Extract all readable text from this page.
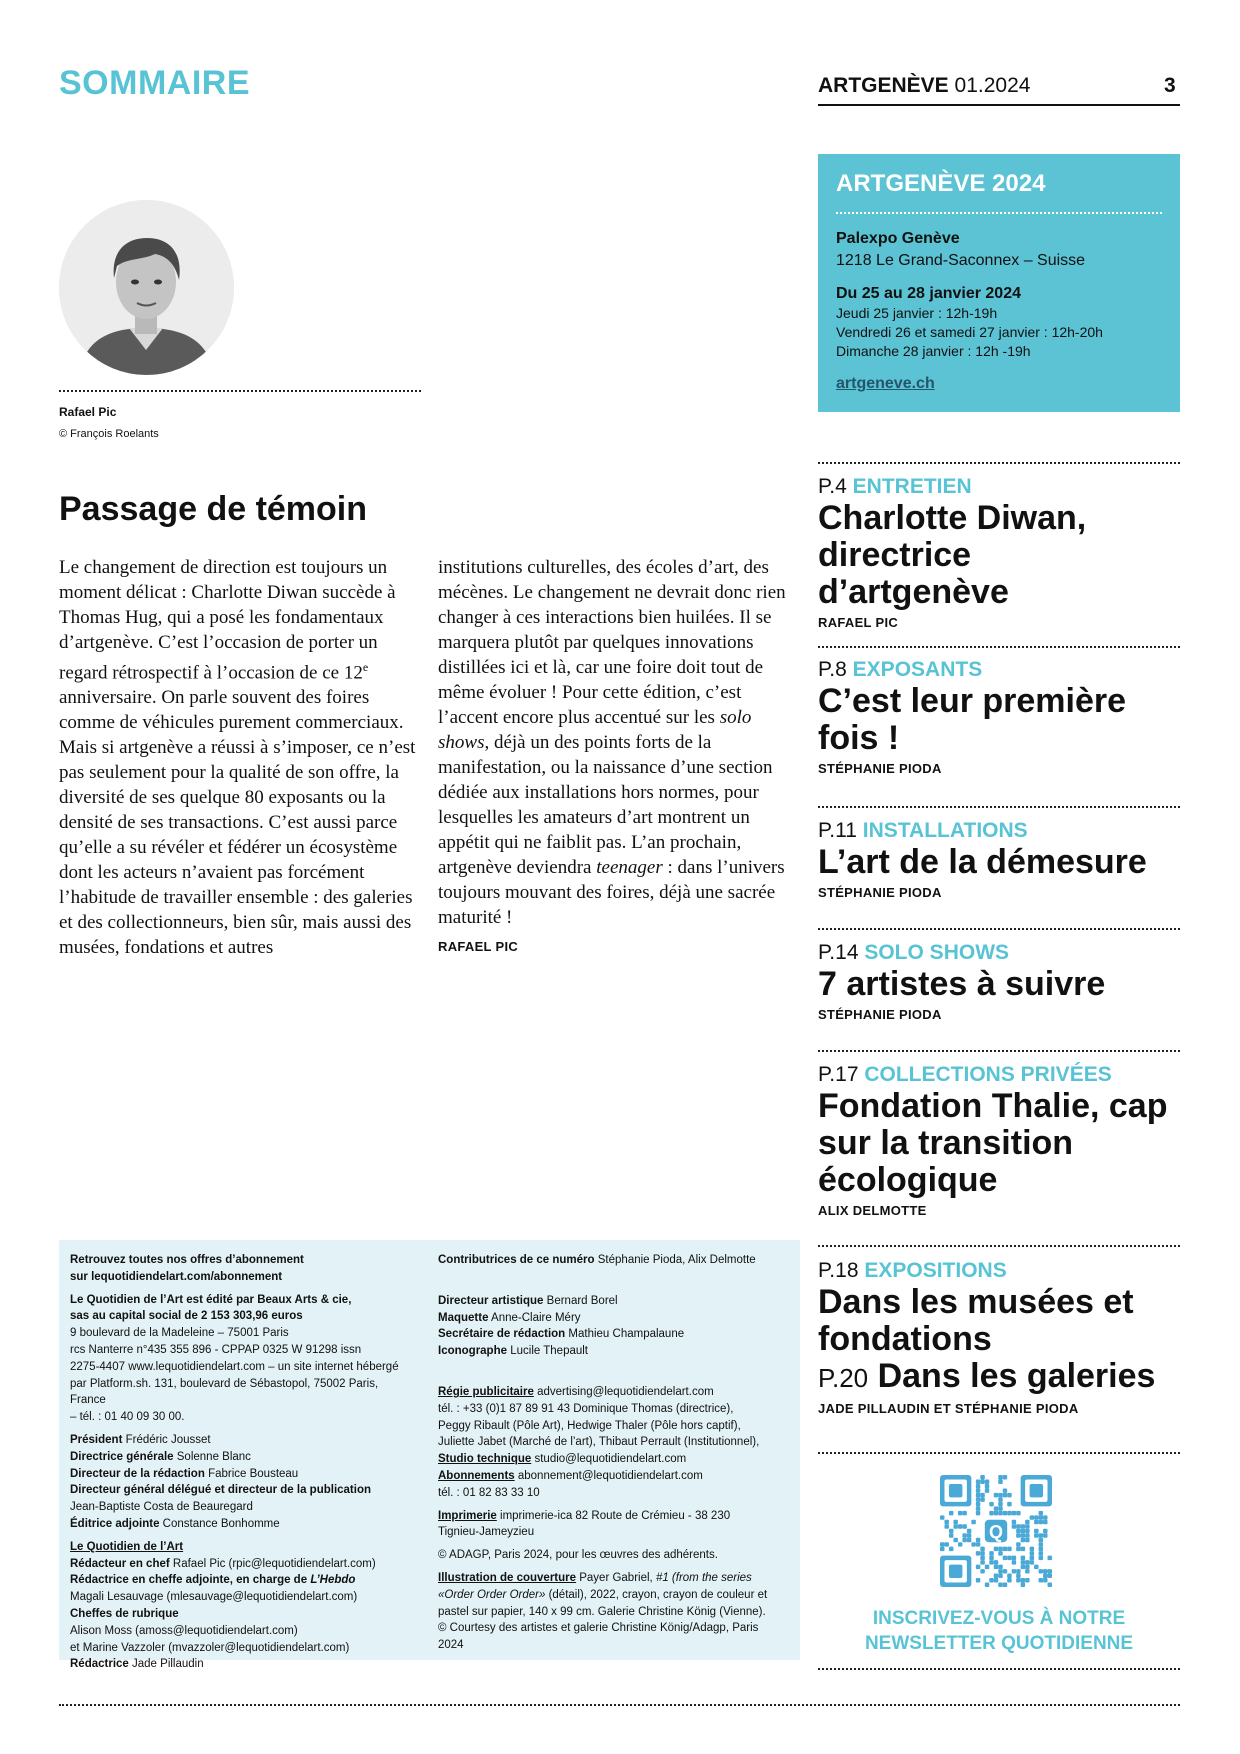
SOMMAIRE	ARTGENÈVE 01.2024	3
Rafael Pic
© François Roelants
ARTGENÈVE 2024
Palexpo Genève
1218 Le Grand-Saconnex – Suisse
Du 25 au 28 janvier 2024
Jeudi 25 janvier : 12h-19h
Vendredi 26 et samedi 27 janvier : 12h-20h
Dimanche 28 janvier : 12h -19h
artgeneve.ch
Passage de témoin

Le changement de direction est toujours un moment délicat : Charlotte Diwan succède à Thomas Hug, qui a posé les fondamentaux d’artgenève. C’est l’occasion de porter un regard rétrospectif à l’occasion de ce 12e anniversaire. On parle souvent des foires comme de véhicules purement commerciaux. Mais si artgenève a réussi à s’imposer, ce n’est pas seulement pour la qualité de son offre, la diversité de ses quelque 80 exposants ou la densité de ses transactions. C’est aussi parce qu’elle a su révéler et fédérer un écosystème dont les acteurs n’avaient pas forcément l’habitude de travailler ensemble : des galeries et des collectionneurs, bien sûr, mais aussi des musées, fondations et autres

institutions culturelles, des écoles d’art, des mécènes. Le changement ne devrait donc rien changer à ces interactions bien huilées. Il se marquera plutôt par quelques innovations distillées ici et là, car une foire doit tout de même évoluer ! Pour cette édition, c’est l’accent encore plus accentué sur les solo shows, déjà un des points forts de la manifestation, ou la naissance d’une section dédiée aux installations hors normes, pour lesquelles les amateurs d’art montrent un appétit qui ne faiblit pas. L’an prochain, artgenève deviendra teenager : dans l’univers toujours mouvant des foires, déjà une sacrée maturité !

RAFAEL PIC
P.4 ENTRETIEN
Charlotte Diwan, directrice d’artgenève
RAFAEL PIC
P.8 EXPOSANTS
C’est leur première fois !
STÉPHANIE PIODA
P.11 INSTALLATIONS
L’art de la démesure
STÉPHANIE PIODA
P.14 SOLO SHOWS
7 artistes à suivre
STÉPHANIE PIODA
P.17 COLLECTIONS PRIVÉES
Fondation Thalie, cap sur la transition écologique
ALIX DELMOTTE
P.18 EXPOSITIONS
Dans les musées et fondations
P.20 Dans les galeries
JADE PILLAUDIN ET STÉPHANIE PIODA
Retrouvez toutes nos offres d’abonnement
sur lequotidiendelart.com/abonnement
Le Quotidien de l’Art est édité par Beaux Arts & cie,
sas au capital social de 2 153 303,96 euros
9 boulevard de la Madeleine – 75001 Paris
rcs Nanterre n°435 355 896 - CPPAP 0325 W 91298 issn
2275-4407 www.lequotidiendelart.com – un site internet hébergé
par Platform.sh. 131, boulevard de Sébastopol, 75002 Paris, France
– tél. : 01 40 09 30 00.
Président Frédéric Jousset
Directrice générale Solenne Blanc
Directeur de la rédaction Fabrice Bousteau
Directeur général délégué et directeur de la publication
Jean-Baptiste Costa de Beauregard
Éditrice adjointe Constance Bonhomme
Le Quotidien de l’Art
Rédacteur en chef Rafael Pic (rpic@lequotidiendelart.com)
Rédactrice en cheffe adjointe, en charge de L’Hebdo
Magali Lesauvage (mlesauvage@lequotidiendelart.com)
Cheffes de rubrique
Alison Moss (amoss@lequotidiendelart.com)
et Marine Vazzoler (mvazzoler@lequotidiendelart.com)
Rédactrice Jade Pillaudin
Contributrices de ce numéro Stéphanie Pioda, Alix Delmotte
Directeur artistique Bernard Borel
Maquette Anne-Claire Méry
Secrétaire de rédaction Mathieu Champalaune
Iconographe Lucile Thepault
Régie publicitaire advertising@lequotidiendelart.com
tél. : +33 (0)1 87 89 91 43 Dominique Thomas (directrice),
Peggy Ribault (Pôle Art), Hedwige Thaler (Pôle hors captif),
Juliette Jabet (Marché de l’art), Thibaut Perrault (Institutionnel),
Studio technique studio@lequotidiendelart.com
Abonnements abonnement@lequotidiendelart.com
tél. : 01 82 83 33 10
Imprimerie imprimerie-ica 82 Route de Crémieu - 38 230
Tignieu-Jameyzieu
© ADAGP, Paris 2024, pour les œuvres des adhérents.
Illustration de couverture Payer Gabriel, #1 (from the series
«Order Order Order» (détail), 2022, crayon, crayon de couleur et
pastel sur papier, 140 x 99 cm. Galerie Christine König (Vienne).
© Courtesy des artistes et galerie Christine König/Adagp, Paris
2024
Q
INSCRIVEZ-VOUS À NOTRE
NEWSLETTER QUOTIDIENNE
